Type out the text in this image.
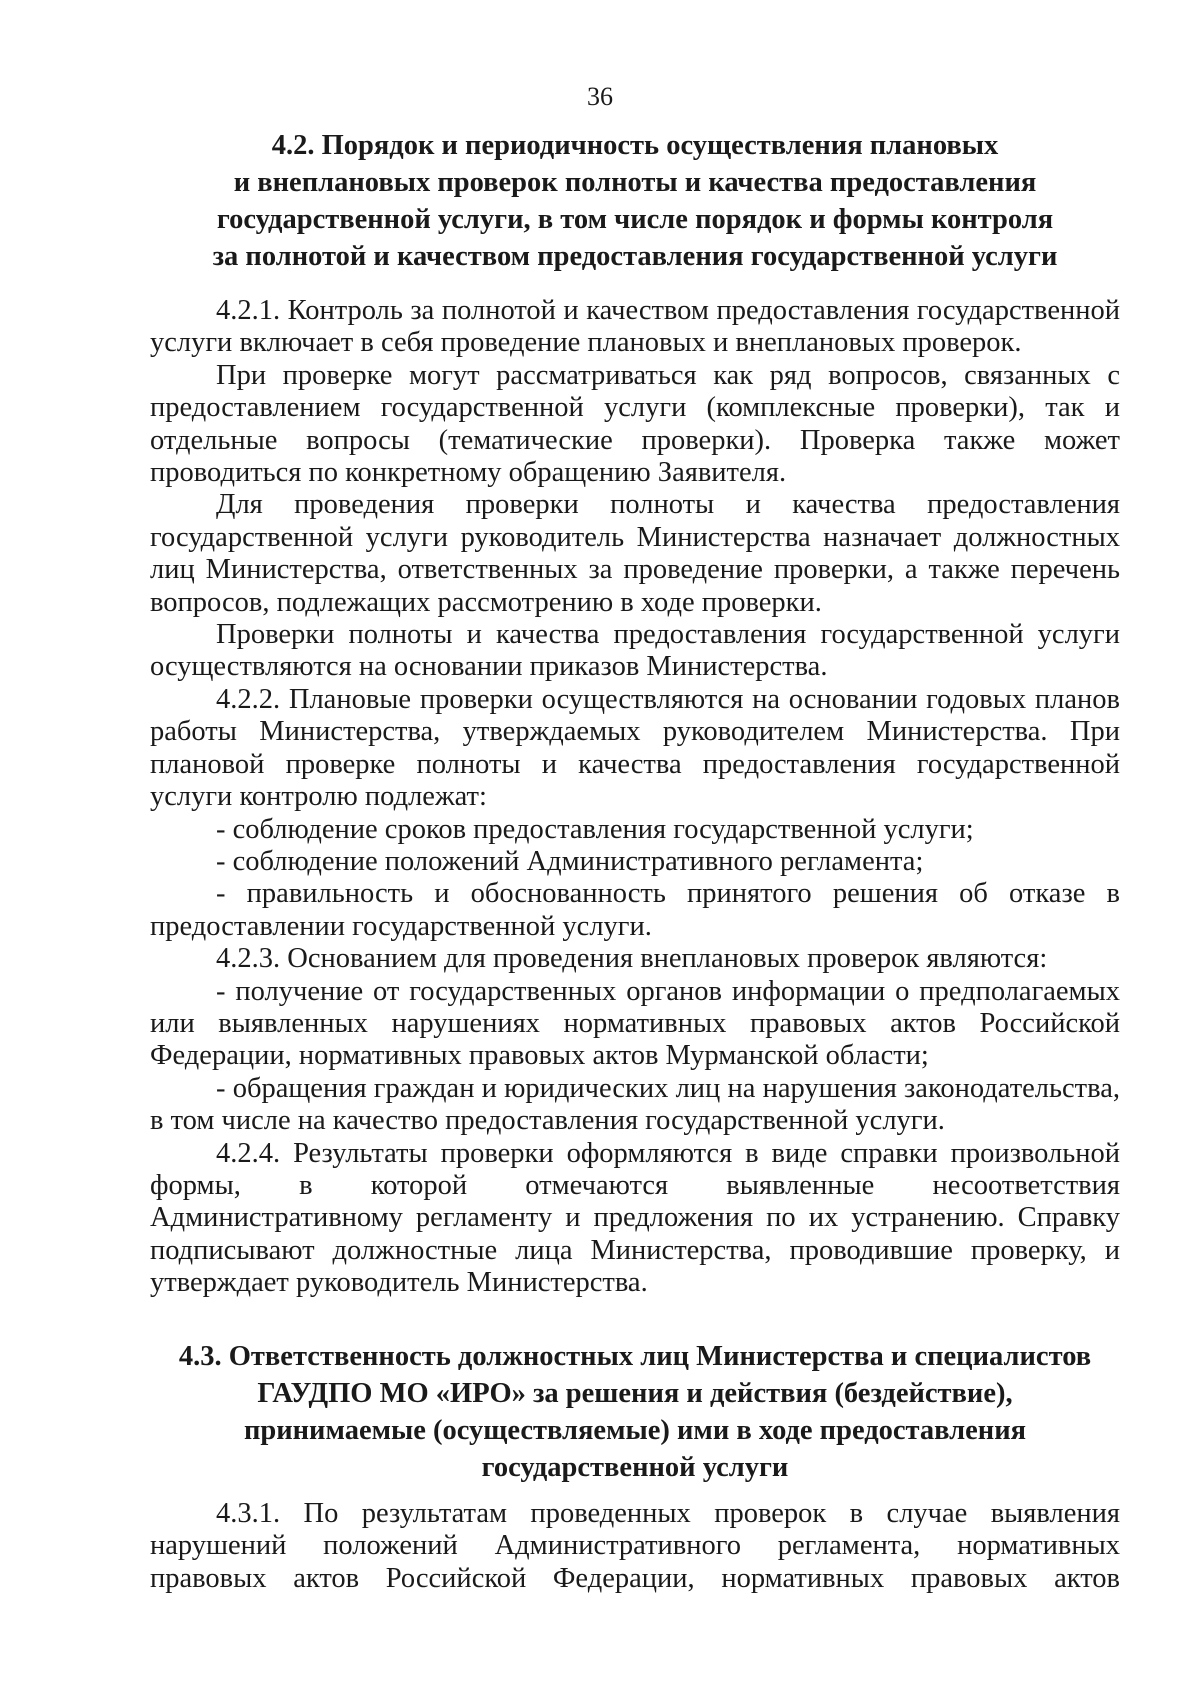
36
4.2. Порядок и периодичность осуществления плановых
и внеплановых проверок полноты и качества предоставления
государственной услуги, в том числе порядок и формы контроля
за полнотой и качеством предоставления государственной услуги

4.2.1. Контроль за полнотой и качеством предоставления государственной услуги включает в себя проведение плановых и внеплановых проверок.

При проверке могут рассматриваться как ряд вопросов, связанных с предоставлением государственной услуги (комплексные проверки), так и отдельные вопросы (тематические проверки). Проверка также может проводиться по конкретному обращению Заявителя.

Для проведения проверки полноты и качества предоставления государственной услуги руководитель Министерства назначает должностных лиц Министерства, ответственных за проведение проверки, а также перечень вопросов, подлежащих рассмотрению в ходе проверки.

Проверки полноты и качества предоставления государственной услуги осуществляются на основании приказов Министерства.

4.2.2. Плановые проверки осуществляются на основании годовых планов работы Министерства, утверждаемых руководителем Министерства. При плановой проверке полноты и качества предоставления государственной услуги контролю подлежат:

- соблюдение сроков предоставления государственной услуги;

- соблюдение положений Административного регламента;

- правильность и обоснованность принятого решения об отказе в предоставлении государственной услуги.

4.2.3. Основанием для проведения внеплановых проверок являются:

- получение от государственных органов информации о предполагаемых или выявленных нарушениях нормативных правовых актов Российской Федерации, нормативных правовых актов Мурманской области;

- обращения граждан и юридических лиц на нарушения законодательства, в том числе на качество предоставления государственной услуги.

4.2.4. Результаты проверки оформляются в виде справки произвольной формы, в которой отмечаются выявленные несоответствия Административному регламенту и предложения по их устранению. Справку подписывают должностные лица Министерства, проводившие проверку, и утверждает руководитель Министерства.

4.3. Ответственность должностных лиц Министерства и специалистов
ГАУДПО МО «ИРО» за решения и действия (бездействие),
принимаемые (осуществляемые) ими в ходе предоставления
государственной услуги

4.3.1. По результатам проведенных проверок в случае выявления нарушений положений Административного регламента, нормативных правовых актов Российской Федерации, нормативных правовых актов
